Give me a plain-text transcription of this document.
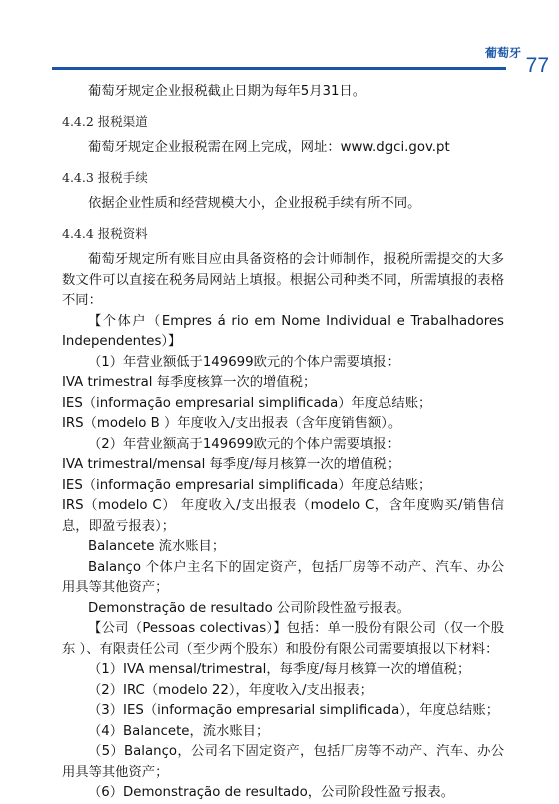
葡萄牙
77

葡萄牙规定企业报税截止日期为每年5月31日。

4.4.2 报税渠道

葡萄牙规定企业报税需在网上完成，网址：www.dgci.gov.pt

4.4.3 报税手续

依据企业性质和经营规模大小，企业报税手续有所不同。

4.4.4 报税资料

葡萄牙规定所有账目应由具备资格的会计师制作，报税所需提交的大多数文件可以直接在税务局网站上填报。根据公司种类不同，所需填报的表格不同：

【个体户（Empres á rio em Nome Individual e Trabalhadores Independentes）】

（1）年营业额低于149699欧元的个体户需要填报：

IVA trimestral 每季度核算一次的增值税；

IES（informação empresarial simplificada）年度总结账；

IRS（modelo B ）年度收入/支出报表（含年度销售额）。

（2）年营业额高于149699欧元的个体户需要填报：

IVA trimestral/mensal 每季度/每月核算一次的增值税；

IES（informação empresarial simplificada）年度总结账；

IRS（modelo C） 年度收入/支出报表（modelo C，含年度购买/销售信息，即盈亏报表）；

Balancete 流水账目；

Balanço 个体户主名下的固定资产，包括厂房等不动产、汽车、办公用具等其他资产；

Demonstração de resultado 公司阶段性盈亏报表。

【公司（Pessoas colectivas）】包括：单一股份有限公司（仅一个股东 ）、有限责任公司（至少两个股东）和股份有限公司需要填报以下材料：

（1）IVA mensal/trimestral，每季度/每月核算一次的增值税；

（2）IRC（modelo 22），年度收入/支出报表；

（3）IES（informação empresarial simplificada），年度总结账；

（4）Balancete，流水账目；

（5）Balanço，公司名下固定资产，包括厂房等不动产、汽车、办公用具等其他资产；

（6）Demonstração de resultado，公司阶段性盈亏报表。
